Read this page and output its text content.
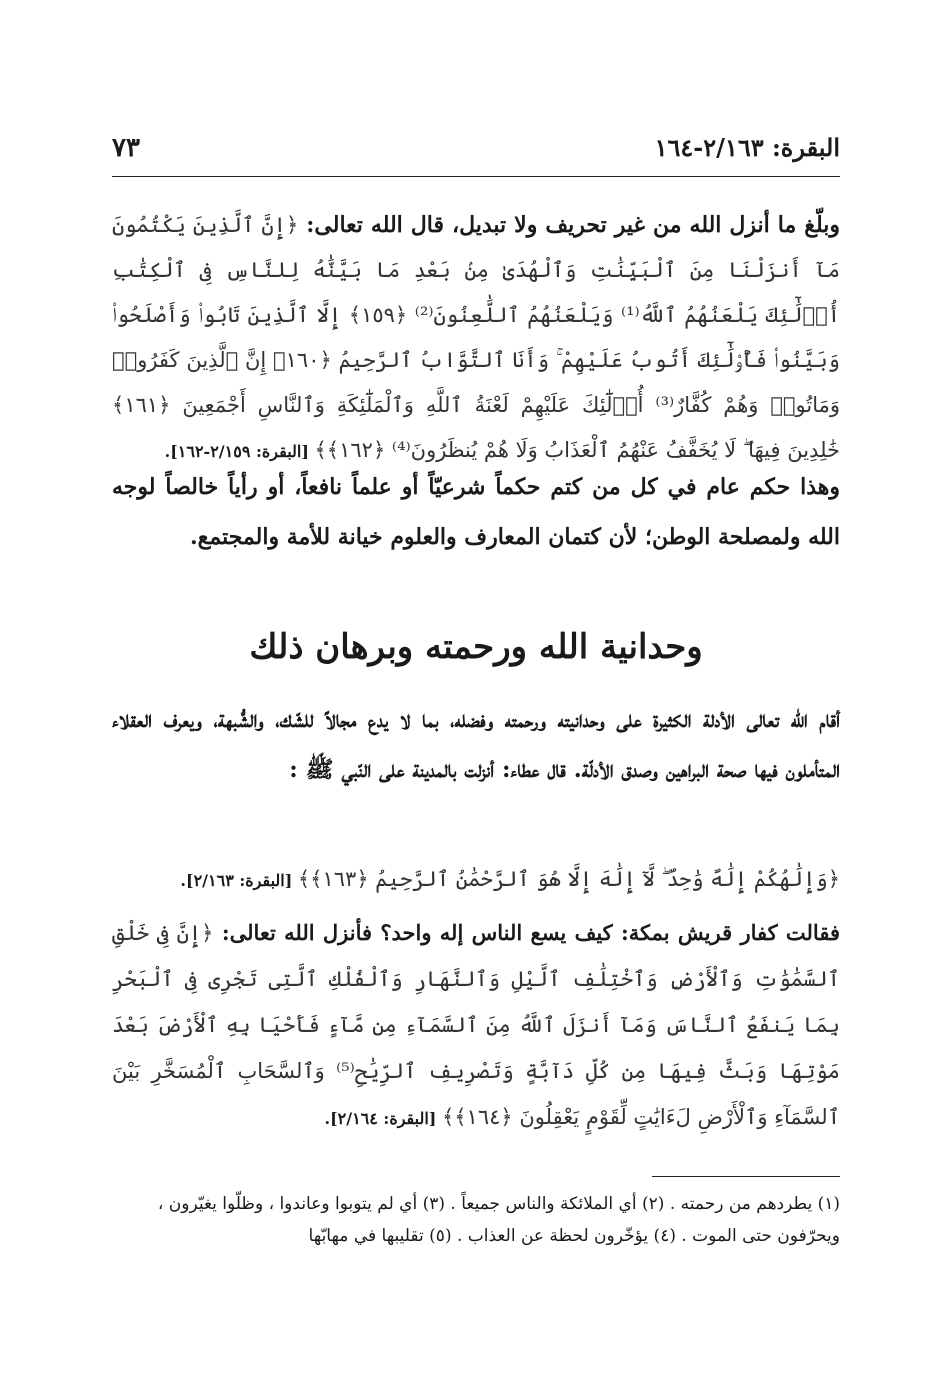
البقرة: ٢/١٦٣-١٦٤
٧٣
وبلّغ ما أنزل الله من غير تحريف ولا تبديل، قال الله تعالى: ﴿إِنَّ ٱلَّذِينَ يَكْتُمُونَ مَآ أَنزَلْنَا مِنَ ٱلْبَيِّنَٰتِ وَٱلْهُدَىٰ مِنۢ بَعْدِ مَا بَيَّنَّٰهُ لِلنَّاسِ فِى ٱلْكِتَٰبِ أُو۟لَٰٓئِكَ يَلْعَنُهُمُ ٱللَّهُ⁽¹⁾ وَيَلْعَنُهُمُ ٱللَّٰعِنُونَ⁽²⁾ ﴿١٥٩﴾ إِلَّا ٱلَّذِينَ تَابُوا۟ وَأَصْلَحُوا۟ وَبَيَّنُوا۟ فَأُو۟لَٰٓئِكَ أَتُوبُ عَلَيْهِمْ ۚ وَأَنَا ٱلتَّوَّابُ ٱلرَّحِيمُ ﴿١٦٠﴾ إِنَّ ٱلَّذِينَ كَفَرُوا۟ وَمَاتُوا۟ وَهُمْ كُفَّارٌ⁽³⁾ أُو۟لَٰٓئِكَ عَلَيْهِمْ لَعْنَةُ ٱللَّهِ وَٱلْمَلَٰٓئِكَةِ وَٱلنَّاسِ أَجْمَعِينَ ﴿١٦١﴾ خَٰلِدِينَ فِيهَا ۖ لَا يُخَفَّفُ عَنْهُمُ ٱلْعَذَابُ وَلَا هُمْ يُنظَرُونَ⁽⁴⁾ ﴿١٦٢﴾﴾ [البقرة: ٢/١٥٩-١٦٢].
وهذا حكم عام في كل من كتم حكماً شرعيّاً أو علماً نافعاً، أو رأياً خالصاً لوجه الله ولمصلحة الوطن؛ لأن كتمان المعارف والعلوم خيانة للأمة والمجتمع.
وحدانية الله ورحمته وبرهان ذلك
أقام الله تعالى الأدلة الكثيرة على وحدانيته ورحمته وفضله، بما لا يدع مجالاً للشّك، والشُّبهة، ويعرف العقلاء المتأملون فيها صحة البراهين وصدق الأدلّة. قال عطاء: أنزلت بالمدينة على النّبي ﷺ :
﴿وَإِلَٰهُكُمْ إِلَٰهٌ وَٰحِدٌ ۖ لَّآ إِلَٰهَ إِلَّا هُوَ ٱلرَّحْمَٰنُ ٱلرَّحِيمُ ﴿١٦٣﴾﴾ [البقرة: ٢/١٦٣].
فقالت كفار قريش بمكة: كيف يسع الناس إله واحد؟ فأنزل الله تعالى: ﴿إِنَّ فِى خَلْقِ ٱلسَّمَٰوَٰتِ وَٱلْأَرْضِ وَٱخْتِلَٰفِ ٱلَّيْلِ وَٱلنَّهَارِ وَٱلْفُلْكِ ٱلَّتِى تَجْرِى فِى ٱلْبَحْرِ بِمَا يَنفَعُ ٱلنَّاسَ وَمَآ أَنزَلَ ٱللَّهُ مِنَ ٱلسَّمَآءِ مِن مَّآءٍ فَأَحْيَا بِهِ ٱلْأَرْضَ بَعْدَ مَوْتِهَا وَبَثَّ فِيهَا مِن كُلِّ دَآبَّةٍ وَتَصْرِيفِ ٱلرِّيَٰحِ⁽⁵⁾ وَٱلسَّحَابِ ٱلْمُسَخَّرِ بَيْنَ ٱلسَّمَآءِ وَٱلْأَرْضِ لَءَايَٰتٍ لِّقَوْمٍ يَعْقِلُونَ ﴿١٦٤﴾﴾ [البقرة: ٢/١٦٤].
(١) يطردهم من رحمته . (٢) أي الملائكة والناس جميعاً . (٣) أي لم يتوبوا وعاندوا ، وظلّوا يغيّرون ،
ويحرّفون حتى الموت . (٤) يؤخّرون لحظة عن العذاب . (٥) تقليبها في مهابّها
